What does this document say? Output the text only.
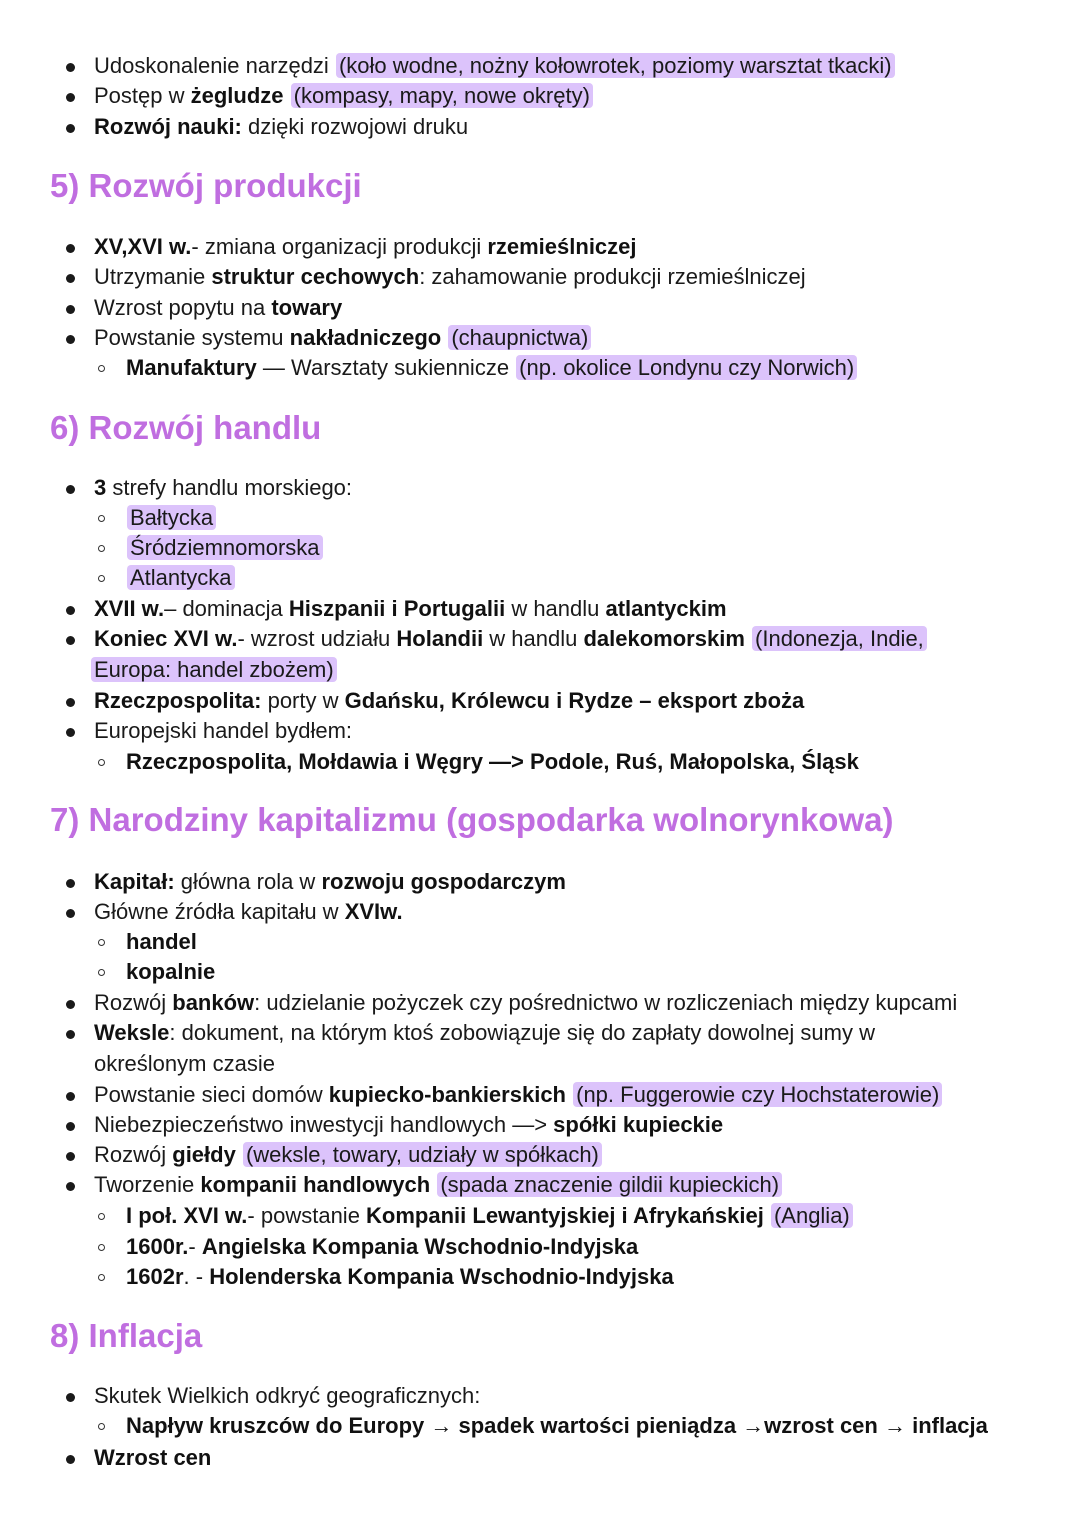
Udoskonalenie narzędzi (koło wodne, nożny kołowrotek, poziomy warsztat tkacki)
Postęp w żegludze (kompasy, mapy, nowe okręty)
Rozwój nauki: dzięki rozwojowi druku
5) Rozwój produkcji
XV,XVI w.- zmiana organizacji produkcji rzemieślniczej
Utrzymanie struktur cechowych: zahamowanie produkcji rzemieślniczej
Wzrost popytu na towary
Powstanie systemu nakładniczego (chaupnictwa)
Manufaktury — Warsztaty sukiennicze (np. okolice Londynu czy Norwich)
6) Rozwój handlu
3 strefy handlu morskiego:
Bałtycka
Śródziemnomorska
Atlantycka
XVII w.– dominacja Hiszpanii i Portugalii w handlu atlantyckim
Koniec XVI w.- wzrost udziału Holandii w handlu dalekomorskim (Indonezja, Indie,
Europa: handel zbożem)
Rzeczpospolita: porty w Gdańsku, Królewcu i Rydze – eksport zboża
Europejski handel bydłem:
Rzeczpospolita, Mołdawia i Węgry —> Podole, Ruś, Małopolska, Śląsk
7) Narodziny kapitalizmu (gospodarka wolnorynkowa)
Kapitał: główna rola w rozwoju gospodarczym
Główne źródła kapitału w XVIw.
handel
kopalnie
Rozwój banków: udzielanie pożyczek czy pośrednictwo w rozliczeniach między kupcami
Weksle: dokument, na którym ktoś zobowiązuje się do zapłaty dowolnej sumy w
określonym czasie
Powstanie sieci domów kupiecko-bankierskich (np. Fuggerowie czy Hochstaterowie)
Niebezpieczeństwo inwestycji handlowych —> spółki kupieckie
Rozwój giełdy (weksle, towary, udziały w spółkach)
Tworzenie kompanii handlowych (spada znaczenie gildii kupieckich)
I poł. XVI w.- powstanie Kompanii Lewantyjskiej i Afrykańskiej (Anglia)
1600r.- Angielska Kompania Wschodnio-Indyjska
1602r. - Holenderska Kompania Wschodnio-Indyjska
8) Inflacja
Skutek Wielkich odkryć geograficznych:
Napływ kruszców do Europy → spadek wartości pieniądza →wzrost cen → inflacja
Wzrost cen
